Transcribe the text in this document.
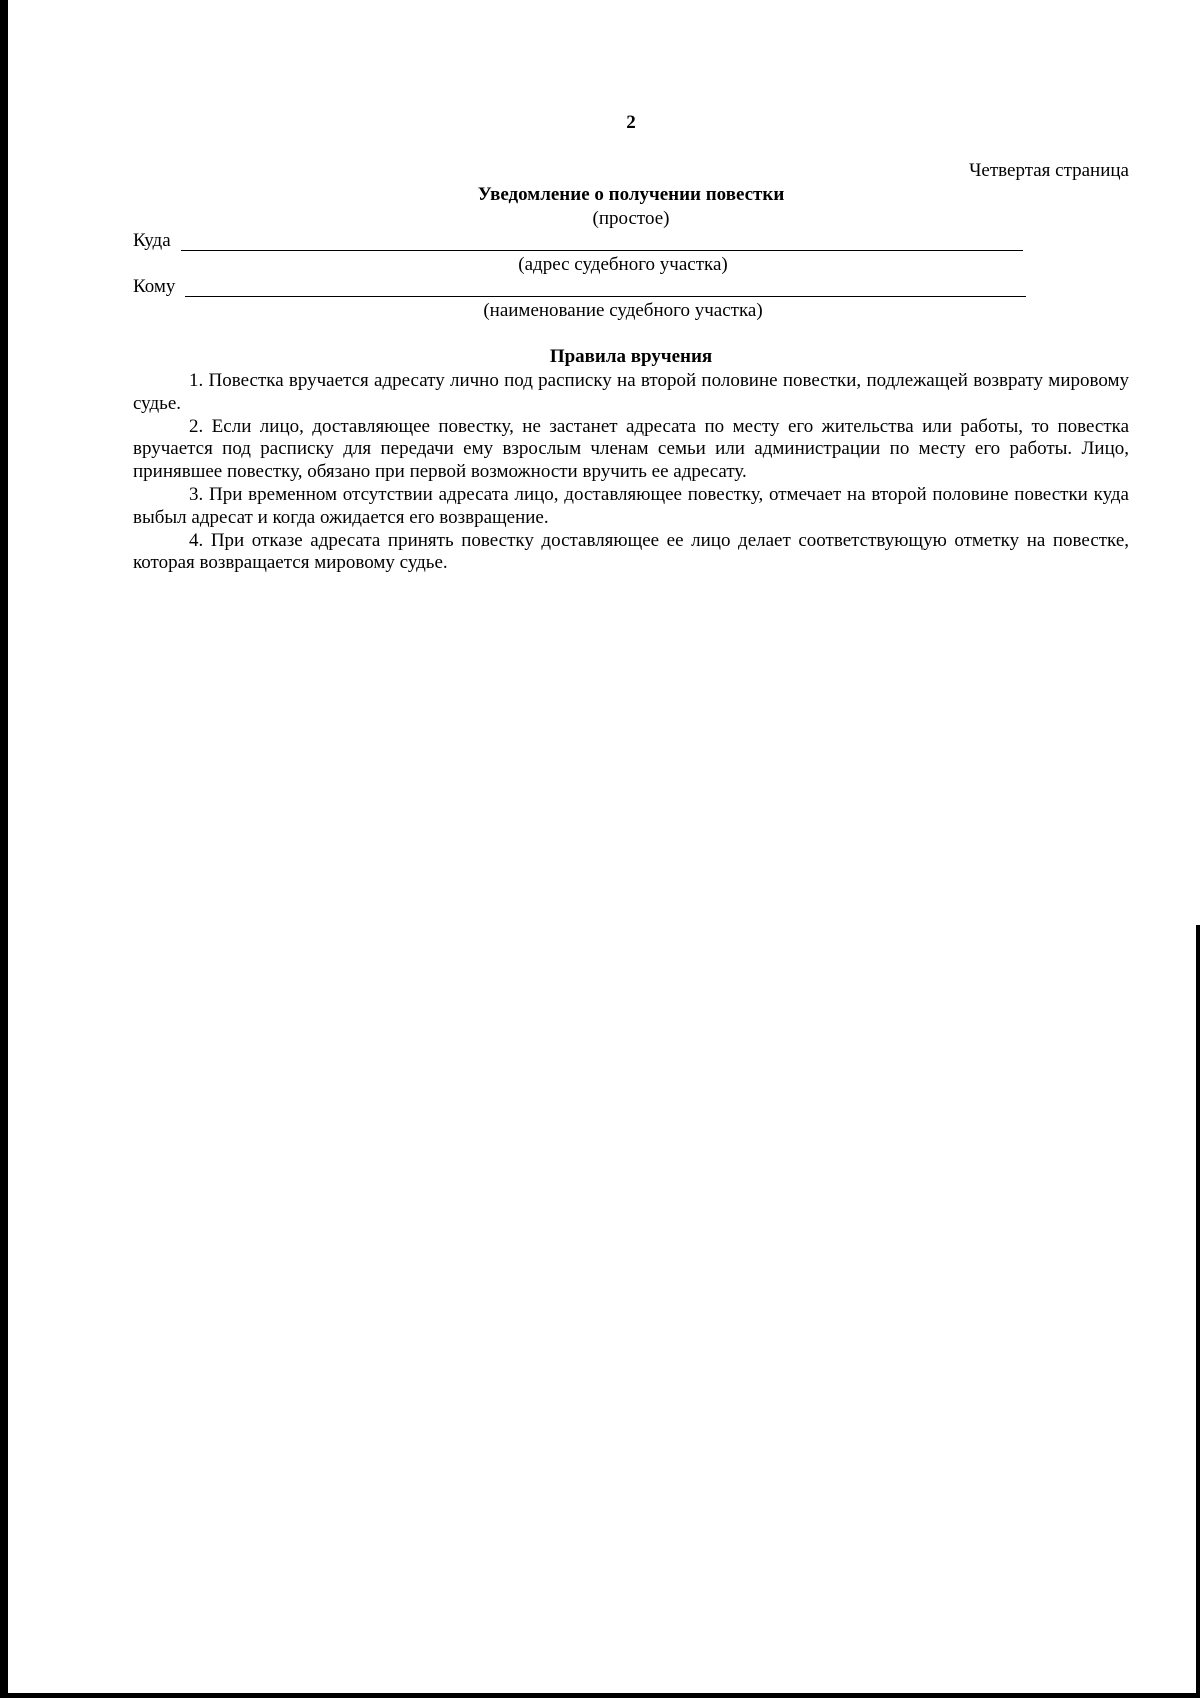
2
Четвертая страница
Уведомление о получении повестки
(простое)
Куда
(адрес судебного участка)
Кому
(наименование судебного участка)
Правила вручения

1. Повестка вручается адресату лично под расписку на второй половине повестки, подлежащей возврату мировому судье.

2. Если лицо, доставляющее повестку, не застанет адресата по месту его жительства или работы, то повестка вручается под расписку для передачи ему взрослым членам семьи или администрации по месту его работы. Лицо, принявшее повестку, обязано при первой возможности вручить ее адресату.

3. При временном отсутствии адресата лицо, доставляющее повестку, отмечает на второй половине повестки куда выбыл адресат и когда ожидается его возвращение.

4. При отказе адресата принять повестку доставляющее ее лицо делает соответствующую отметку на повестке, которая возвращается мировому судье.
